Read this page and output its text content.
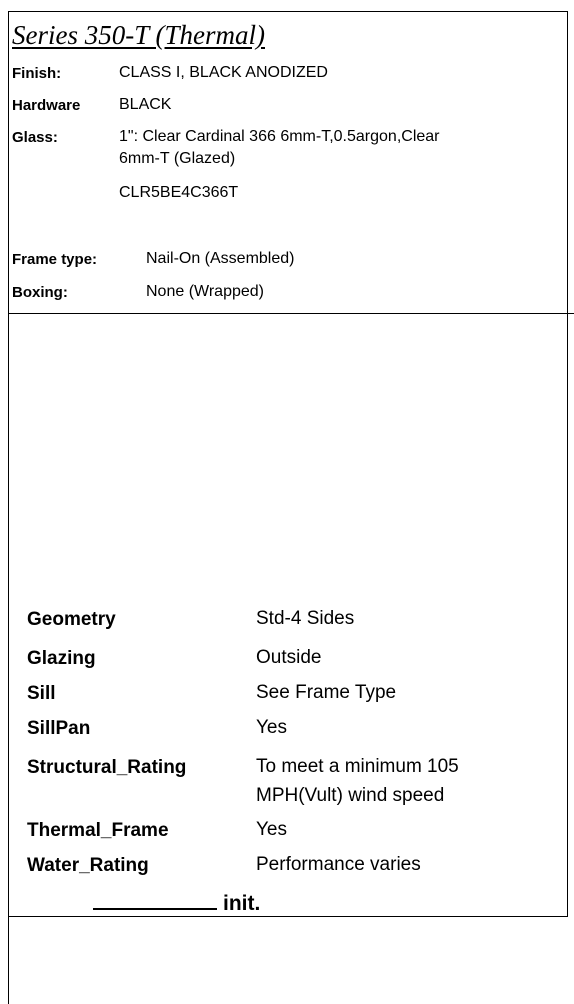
Series 350-T (Thermal)
Finish:	CLASS I, BLACK ANODIZED
Hardware BLACK
Glass:	1": Clear Cardinal 366 6mm-T,0.5argon,Clear
6mm-T (Glazed)
CLR5BE4C366T
Frame type:	Nail-On (Assembled)
Boxing:	None (Wrapped)
Geometry	Std-4 Sides
Glazing	Outside
Sill	See Frame Type
SillPan	Yes
Structural_Rating	To meet a minimum 105
MPH(Vult) wind speed
Thermal_Frame	Yes
Water_Rating	Performance varies
init.
